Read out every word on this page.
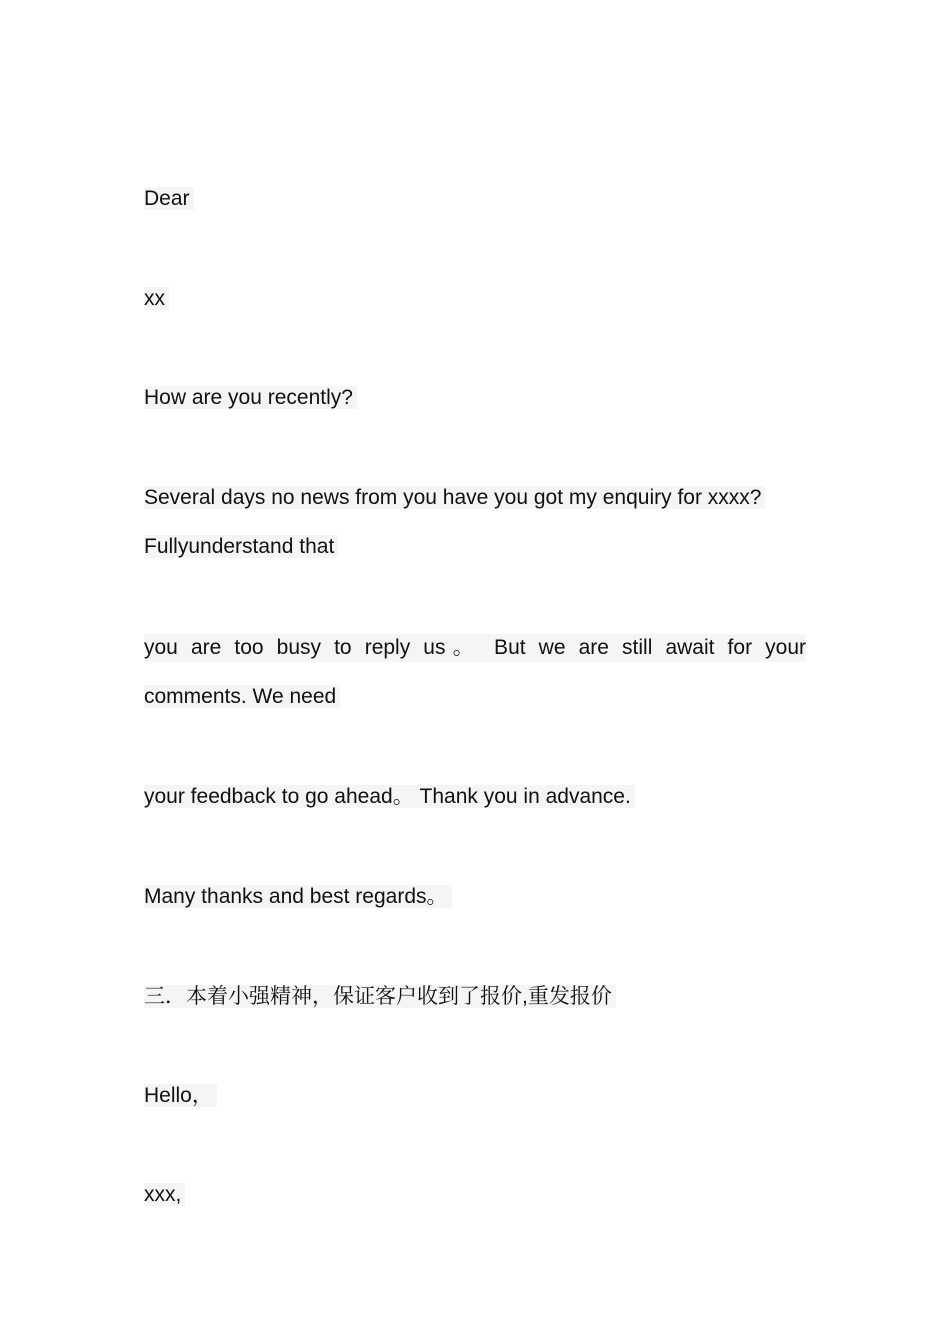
Dear
xx
How are you recently?
Several days no news from you have you got my enquiry for xxxx?
Fullyunderstand that
you are too busy to reply us。 But we are still await for your
comments. We need
your feedback to go ahead。 Thank you in advance.
Many thanks and best regards。
三．本着小强精神，保证客户收到了报价,重发报价
Hello，
xxx,
